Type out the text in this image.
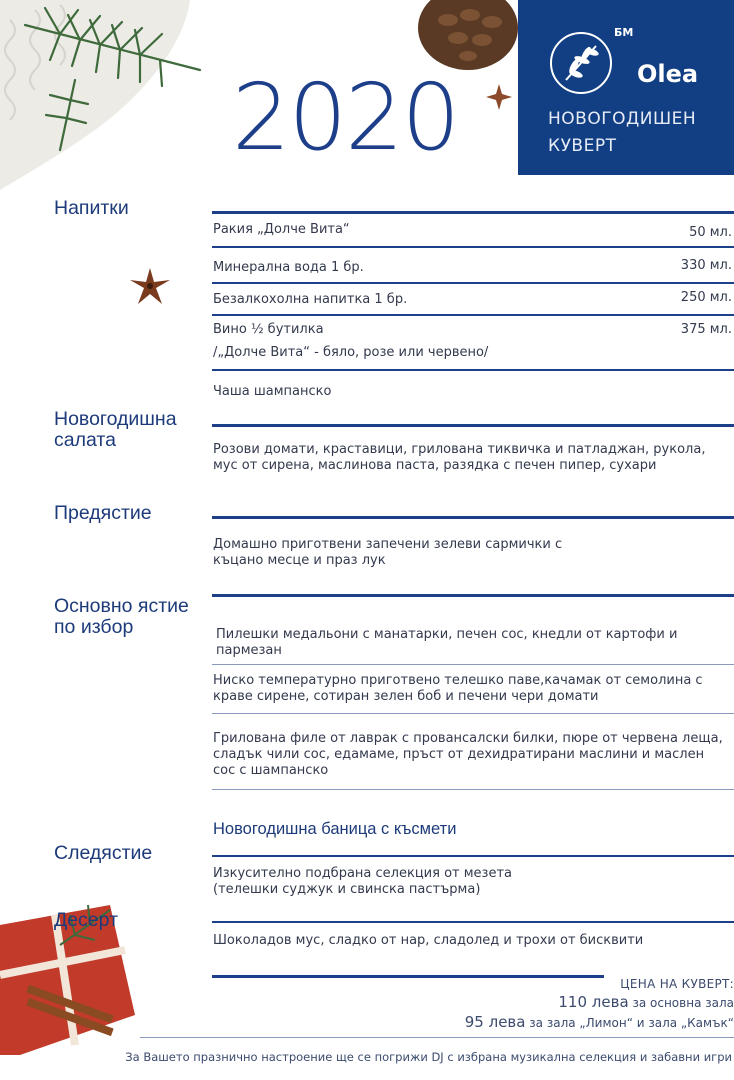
2020
БМ
Olea
НОВОГОДИШЕН
КУВЕРТ
Напитки
Ракия „Долче Вита“	50 мл.
Минерална вода 1 бр.	330 мл.
Безалкохолна напитка 1 бр.	250 мл.
Вино ½ бутилка	375 мл.
/„Долче Вита“ - бяло, розе или червено/
Чаша шампанско
Новогодишна
салата	Розови домати, краставици, грилована тиквичка и патладжан, рукола, мус от сирена, маслинова паста, разядка с печен пипер, сухари
Предястие
Домашно приготвени запечени зелеви сармички с къцано месце и праз лук
Основно ястие
по избор	Пилешки медальони с манатарки, печен сос, кнедли от картофи и пармезан
Ниско температурно приготвено телешко паве,качамак от семолина с краве сирене, сотиран зелен боб и печени чери домати
Грилована филе от лаврак с провансалски билки, пюре от червена леща, сладък чили сос, едамаме, пръст от дехидратирани маслини и маслен сос с шампанско
Новогодишна баница с късмети
Следястие
Изкусително подбрана селекция от мезета (телешки суджук и свинска пастърма)
Десерт
Шоколадов мус, сладко от нар, сладолед и трохи от бисквити
ЦЕНА НА КУВЕРТ:
110 лева за основна зала
95 лева за зала „Лимон“ и зала „Камък“
За Вашето празнично настроение ще се погрижи DJ с избрана музикална селекция и забавни игри
